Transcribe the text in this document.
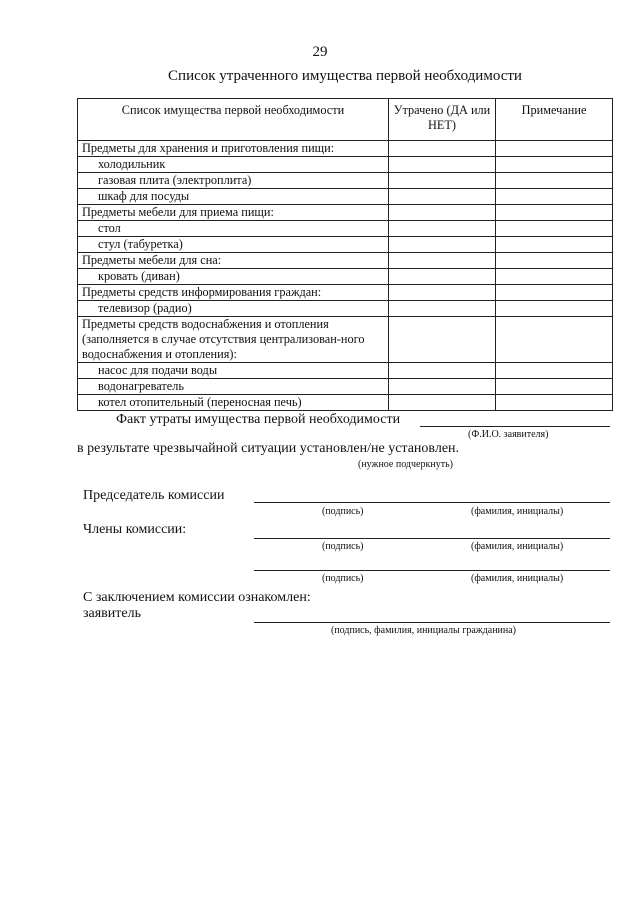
29
Список утраченного имущества первой необходимости
Список имущества первой необходимости	Утрачено (ДА или НЕТ)	Примечание
Предметы для хранения и приготовления пищи:		
холодильник		
газовая плита (электроплита)		
шкаф для посуды		
Предметы мебели для приема пищи:		
стол		
стул (табуретка)		
Предметы мебели для сна:		
кровать (диван)		
Предметы средств информирования граждан:		
телевизор (радио)		
Предметы средств водоснабжения и отопления (заполняется в случае отсутствия централизован-ного водоснабжения и отопления):		
насос для подачи воды		
водонагреватель		
котел отопительный (переносная печь)		
Факт утраты имущества первой необходимости
(Ф.И.О. заявителя)
в результате чрезвычайной ситуации установлен/не установлен.
(нужное подчеркнуть)
Председатель комиссии
(подпись)	(фамилия, инициалы)
Члены комиссии:
(подпись)	(фамилия, инициалы)
(подпись)	(фамилия, инициалы)
С заключением комиссии ознакомлен:
заявитель
(подпись, фамилия, инициалы гражданина)
